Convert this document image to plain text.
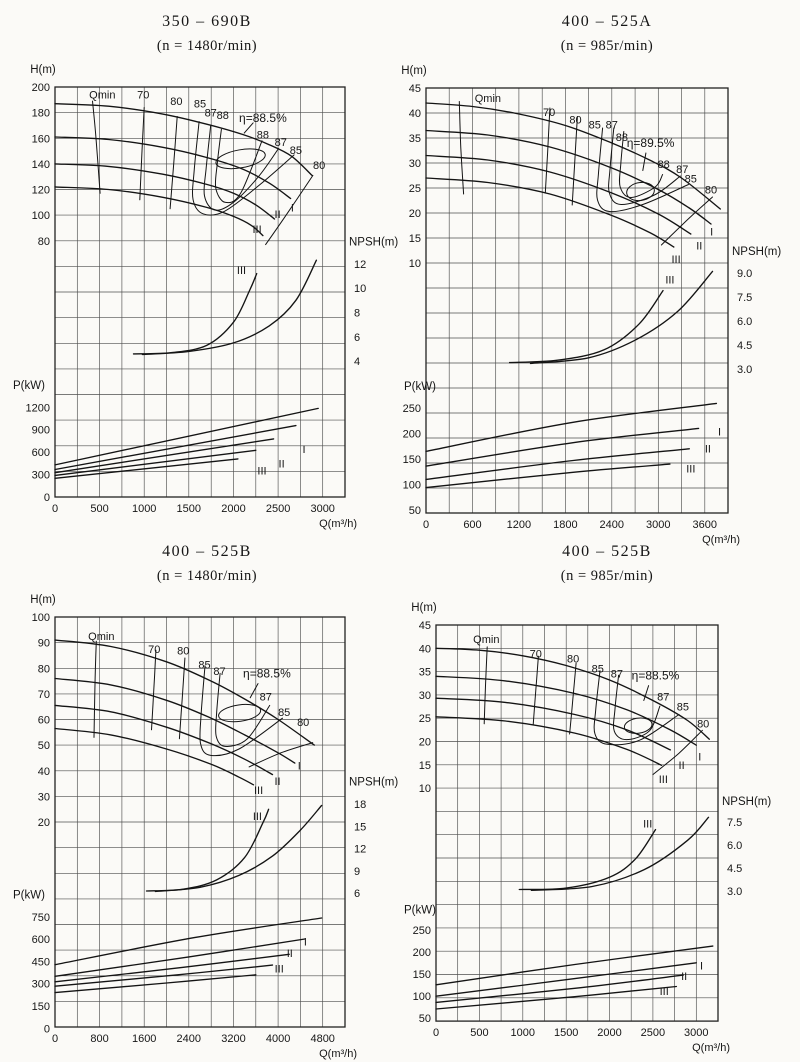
350 – 690B
(n = 1480r/min)
H(m)
200
180
160
140
120
100
80	NPSH(m)
12
10
8
6
4
P(kW)
1200
900
600
300
0
0	500 1000 1500 2000 2500 3000
Q(m³/h)
Qmin
I
II
III
70
80 85
87 88
88
87
85
80
η=88.5%
III
I
II
III
400 – 525A
(n = 985r/min)
H(m)
45
40
35
30
25
20
15
10
NPSH(m)
9.0
7.5
6.0
4.5
3.0
P(kW)
250
200
150
100
50
0	600 1200 1800 2400 3000 3600
Q(m³/h)
Qmin
I
II
III
70
80 85 87
88
88 87
85
80
η=89.5%
III
I
II
III
400 – 525B
(n = 1480r/min)
H(m)
100
90
80
70
60
50
40
30
20
NPSH(m)
18
15
12
9
6
P(kW)
750
600
450
300
150
0
0	800 1600 2400 3200 4000 4800
Q(m³/h)
Qmin
I
II
III
70 80
85
87
87
85
80
η=88.5%
III
I
II
III
400 – 525B
(n = 985r/min)
H(m)
45
40
35
30
25
20
15
10
NPSH(m)
7.5
6.0
4.5
3.0
P(kW)
250
200
150
100
50
0	500 1000 1500 2000 2500 3000
Q(m³/h)
Qmin
I
II
III
70 80
85 87
87
85
80
η=88.5%
III
I
II
III
